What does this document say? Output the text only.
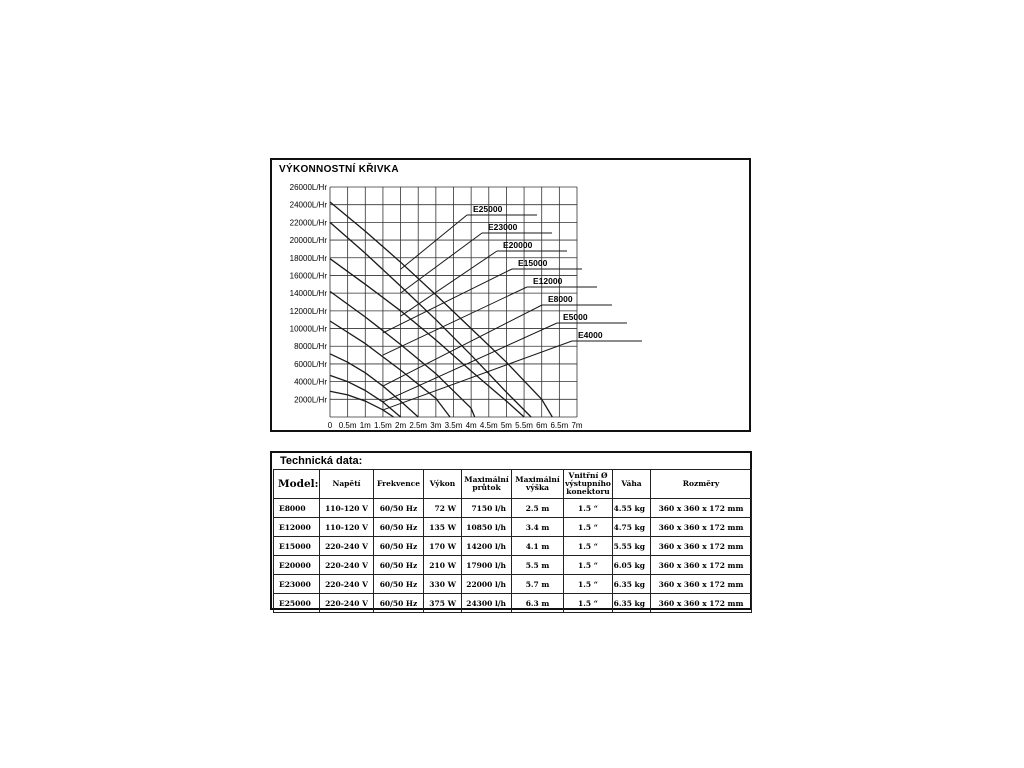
VÝKONNOSTNÍ KŘIVKA
2000L/Hr
4000L/Hr
6000L/Hr
8000L/Hr
10000L/Hr
12000L/Hr
14000L/Hr
16000L/Hr
18000L/Hr
20000L/Hr
22000L/Hr
24000L/Hr
26000L/Hr
0 0.5m 1m 1.5m 2m 2.5m 3m 3.5m 4m 4.5m 5m 5.5m 6m 6.5m 7m
E25000
E23000
E20000
E15000
E12000
E8000
E5000
E4000
Technická data:
Model:	Napětí	Frekvence	Výkon	Maximální
průtok	Maximální
výška	Vnitřní Ø
výstupního
konektoru	Váha	Rozměry
E8000	110-120 V	60/50 Hz	72 W	7150 l/h	2.5 m	1.5 “	4.55 kg	360 x 360 x 172 mm
E12000	110-120 V	60/50 Hz	135 W	10850 l/h	3.4 m	1.5 “	4.75 kg	360 x 360 x 172 mm
E15000	220-240 V	60/50 Hz	170 W	14200 l/h	4.1 m	1.5 “	5.55 kg	360 x 360 x 172 mm
E20000	220-240 V	60/50 Hz	210 W	17900 l/h	5.5 m	1.5 “	6.05 kg	360 x 360 x 172 mm
E23000	220-240 V	60/50 Hz	330 W	22000 l/h	5.7 m	1.5 “	6.35 kg	360 x 360 x 172 mm
E25000	220-240 V	60/50 Hz	375 W	24300 l/h	6.3 m	1.5 “	6.35 kg	360 x 360 x 172 mm
